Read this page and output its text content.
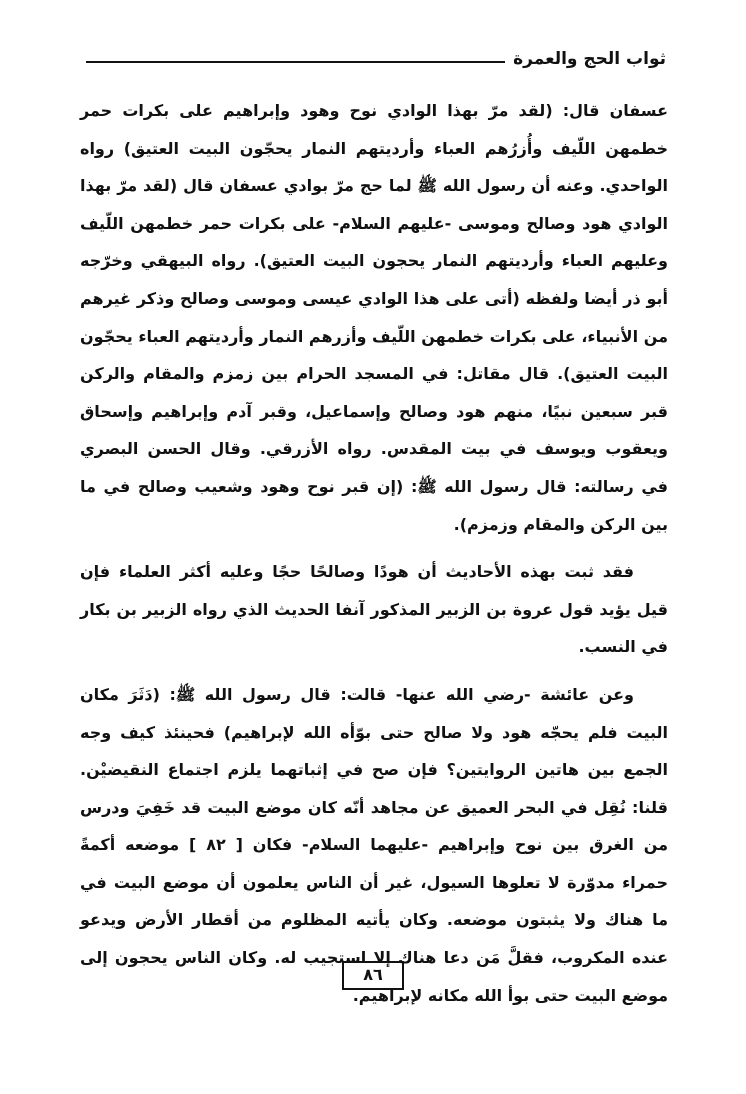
ثواب الحج والعمرة

عسفان قال: (لقد مرّ بهذا الوادي نوح وهود وإبراهيم على بكرات حمر خطمهن اللّيف وأُزرُهم العباء وأرديتهم النمار يحجّون البيت العتيق) رواه الواحدي. وعنه أن رسول الله ﷺ لما حج مرّ بوادي عسفان قال (لقد مرّ بهذا الوادي هود وصالح وموسى -عليهم السلام- على بكرات حمر خطمهن اللّيف وعليهم العباء وأرديتهم النمار يحجون البيت العتيق). رواه البيهقي وخرّجه أبو ذر أيضا ولفظه (أتى على هذا الوادي عيسى وموسى وصالح وذكر غيرهم من الأنبياء، على بكرات خطمهن اللّيف وأزرهم النمار وأرديتهم العباء يحجّون البيت العتيق). قال مقاتل: في المسجد الحرام بين زمزم والمقام والركن قبر سبعين نبيًا، منهم هود وصالح وإسماعيل، وقبر آدم وإبراهيم وإسحاق ويعقوب ويوسف في بيت المقدس. رواه الأزرقي. وقال الحسن البصري في رسالته: قال رسول الله ﷺ: (إن قبر نوح وهود وشعيب وصالح في ما بين الركن والمقام وزمزم).

فقد ثبت بهذه الأحاديث أن هودًا وصالحًا حجًا وعليه أكثر العلماء فإن قيل يؤيد قول عروة بن الزبير المذكور آنفا الحديث الذي رواه الزبير بن بكار في النسب.

وعن عائشة -رضي الله عنها- قالت: قال رسول الله ﷺ: (دَثَرَ مكان البيت فلم يحجّه هود ولا صالح حتى بوّأه الله لإبراهيم) فحينئذ كيف وجه الجمع بين هاتين الروايتين؟ فإن صح في إثباتهما يلزم اجتماع النقيضيْن. قلنا: نُقِل في البحر العميق عن مجاهد أنّه كان موضع البيت قد خَفِيَ ودرس من الغرق بين نوح وإبراهيم -عليهما السلام- فكان [ ٨٢ ] موضعه أكمةً حمراء مدوّرة لا تعلوها السيول، غير أن الناس يعلمون أن موضع البيت في ما هناك ولا يثبتون موضعه. وكان يأتيه المظلوم من أقطار الأرض ويدعو عنده المكروب، فقلَّ مَن دعا هناك إلا استجيب له. وكان الناس يحجون إلى موضع البيت حتى بوأ الله مكانه لإبراهيم.

٨٦
